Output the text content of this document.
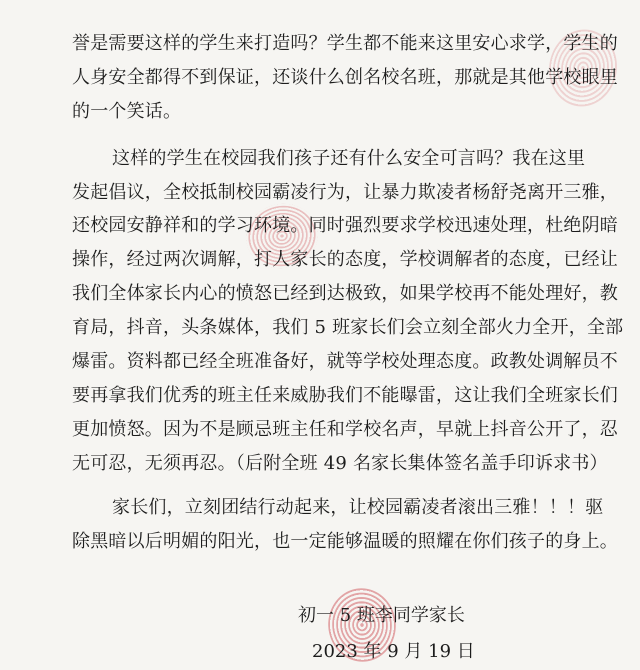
誉是需要这样的学生来打造吗？学生都不能来这里安心求学，学生的
人身安全都得不到保证，还谈什么创名校名班，那就是其他学校眼里
的一个笑话。
这样的学生在校园我们孩子还有什么安全可言吗？我在这里
发起倡议，全校抵制校园霸凌行为，让暴力欺凌者杨舒尧离开三雅，
还校园安静祥和的学习环境。同时强烈要求学校迅速处理，杜绝阴暗
操作，经过两次调解，打人家长的态度，学校调解者的态度，已经让
我们全体家长内心的愤怒已经到达极致，如果学校再不能处理好，教
育局，抖音，头条媒体，我们 5 班家长们会立刻全部火力全开，全部
爆雷。资料都已经全班准备好，就等学校处理态度。政教处调解员不
要再拿我们优秀的班主任来威胁我们不能曝雷，这让我们全班家长们
更加愤怒。因为不是顾忌班主任和学校名声，早就上抖音公开了，忍
无可忍，无须再忍。（后附全班 49 名家长集体签名盖手印诉求书）
家长们，立刻团结行动起来，让校园霸凌者滚出三雅！！！驱
除黑暗以后明媚的阳光，也一定能够温暖的照耀在你们孩子的身上。
初一 5 班李同学家长
2023 年 9 月 19 日
